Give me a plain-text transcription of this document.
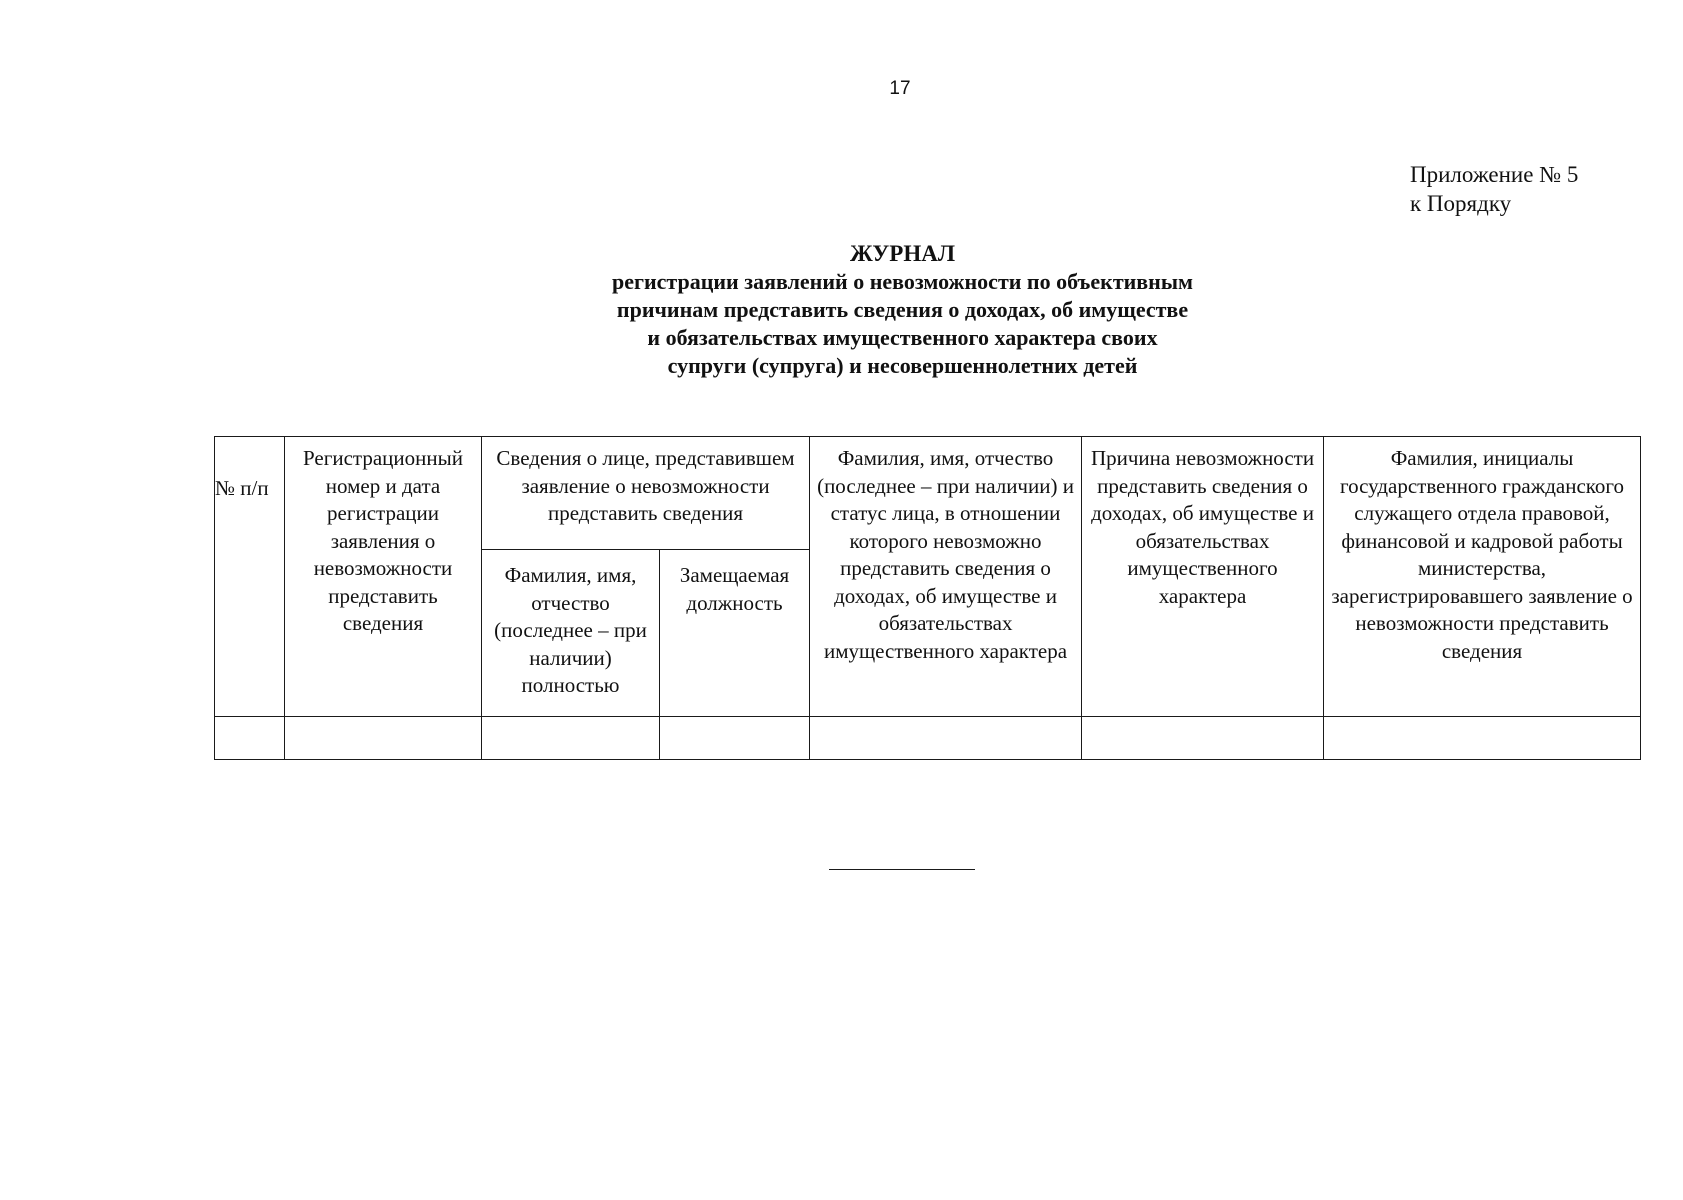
17
Приложение № 5
к Порядку
ЖУРНАЛ
регистрации заявлений о невозможности по объективным
причинам представить сведения о доходах, об имуществе
и обязательствах имущественного характера своих
супруги (супруга) и несовершеннолетних детей
№ п/п	Регистрационный номер и дата регистрации заявления о невозможности представить сведения	Сведения о лице, представившем заявление о невозможности представить сведения		Фамилия, имя, отчество (последнее – при наличии) и статус лица, в отношении которого невозможно представить сведения о доходах, об имуществе и обязательствах имущественного характера	Причина невозможности представить сведения о доходах, об имуществе и обязательствах имущественного характера	Фамилия, инициалы государственного гражданского служащего отдела правовой, финансовой и кадровой работы министерства, зарегистрировавшего заявление о невозможности представить сведения
		Фамилия, имя, отчество (последнее – при наличии) полностью	Замещаемая должность			
